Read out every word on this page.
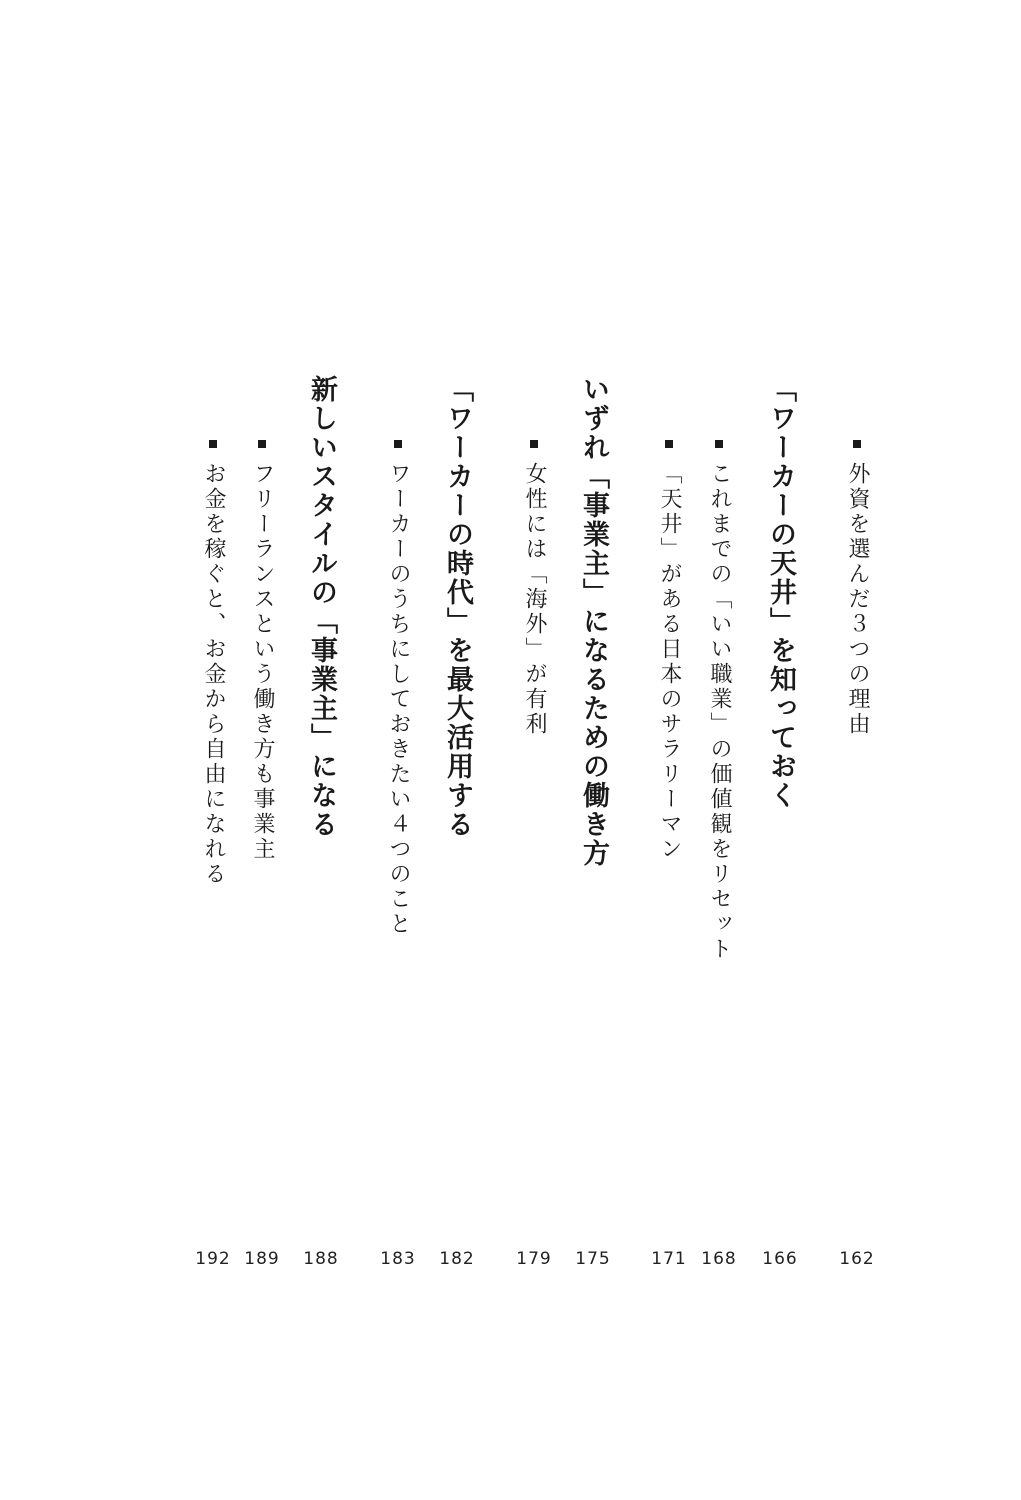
外資を選んだ３つの理由
162
「ワーカーの天井」を知っておく
166
これまでの「いい職業」の価値観をリセット
168
「天井」がある日本のサラリーマン
171
いずれ「事業主」になるための働き方
175
女性には「海外」が有利
179
「ワーカーの時代」を最大活用する
182
ワーカーのうちにしておきたい４つのこと
183
新しいスタイルの「事業主」になる
188
フリーランスという働き方も事業主
189
お金を稼ぐと、お金から自由になれる
192
